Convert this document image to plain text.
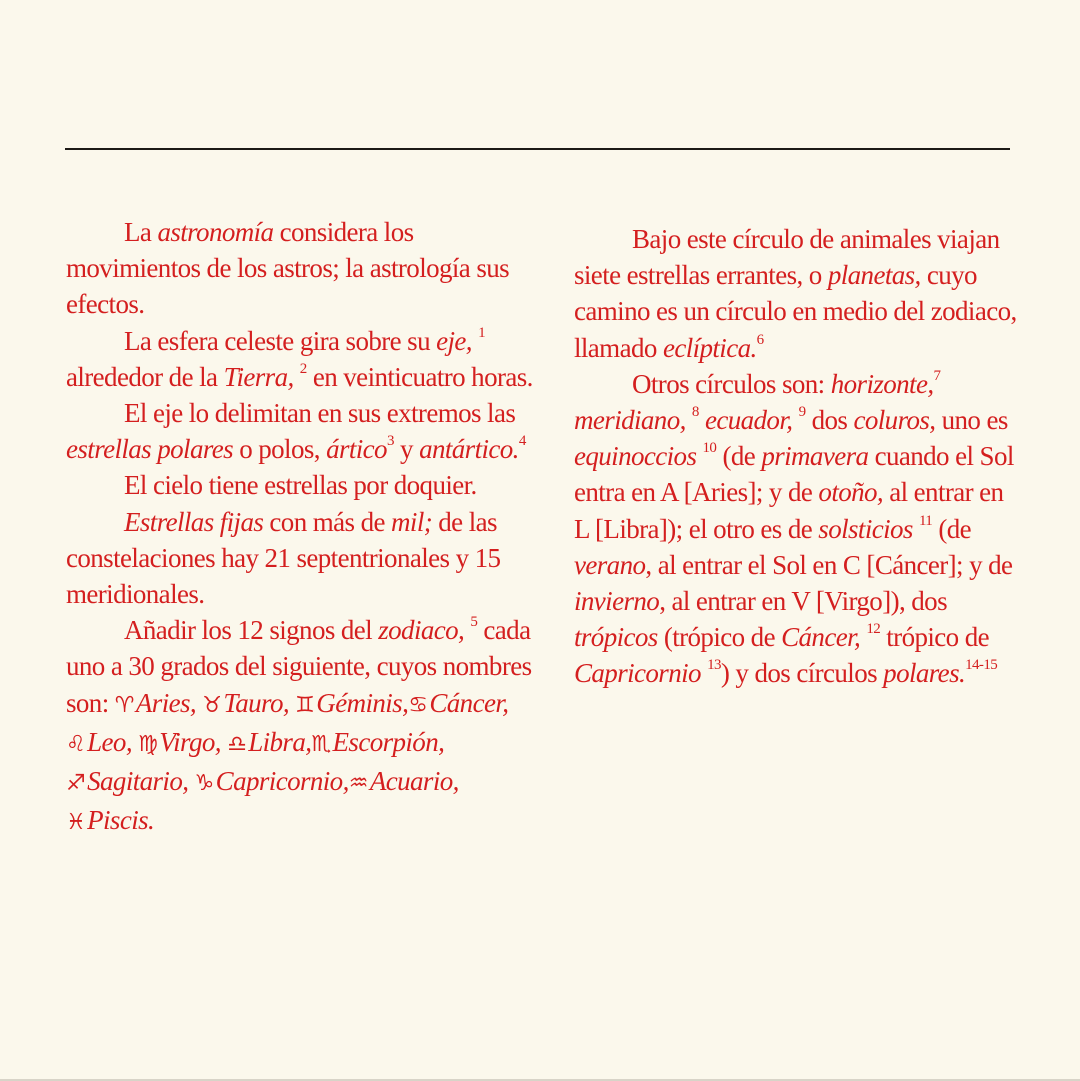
La astronomía considera los movimientos de los astros; la astrología sus efectos.

La esfera celeste gira sobre su eje, $^1$ alrededor de la Tierra, $^2$ en veinticuatro horas.

El eje lo delimitan en sus extremos las estrellas polares o polos, ártico$^3$ y antártico.$^4$

El cielo tiene estrellas por doquier.

Estrellas fijas con más de mil; de las constelaciones hay 21 septentrionales y 15 meridionales.

Añadir los 12 signos del zodiaco, $^5$ cada uno a 30 grados del siguiente, cuyos nombres son: ♈Aries, ♉Tauro, ♊Géminis,♋Cáncer, ♌Leo, ♍Virgo, ♎Libra,♏Escorpión, ♐Sagitario, ♑Capricornio,♒Acuario, ♓Piscis.

Bajo este círculo de animales viajan siete estrellas errantes, o planetas, cuyo camino es un círculo en medio del zodiaco, llamado eclíptica.$^6$

Otros círculos son: horizonte,$^7$ meridiano, $^8$ ecuador, $^9$ dos coluros, uno es equinoccios $^{10}$ (de primavera cuando el Sol entra en A [Aries]; y de otoño, al entrar en L [Libra]); el otro es de solsticios $^{11}$ (de verano, al entrar el Sol en C [Cáncer]; y de invierno, al entrar en V [Virgo]), dos trópicos (trópico de Cáncer, $^{12}$ trópico de Capricornio $^{13}$) y dos círculos polares.$^{14-15}$
